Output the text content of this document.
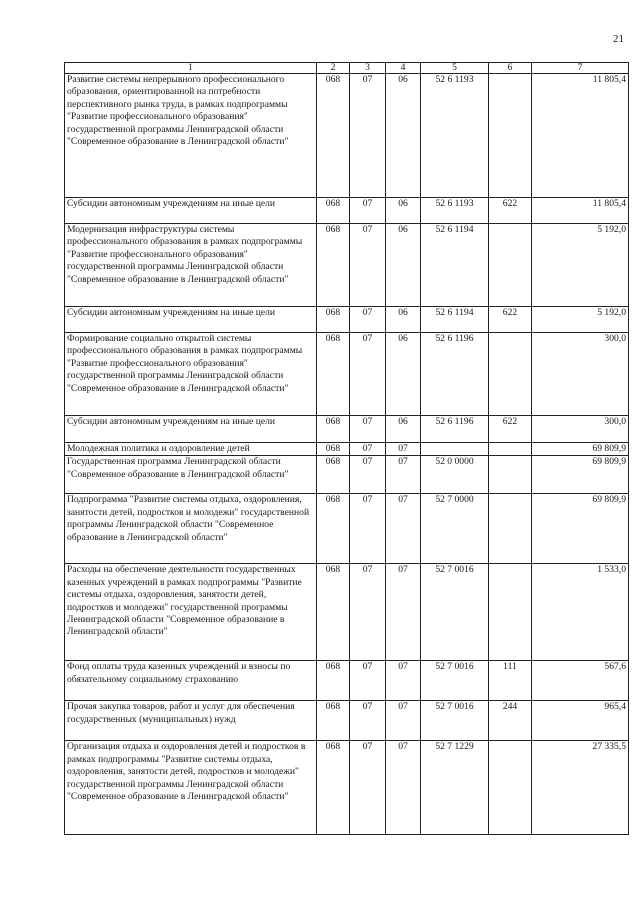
21
1	2	3	4	5	6	7
Развитие системы непрерывного профессионального образования, ориентированной на потребности перспективного рынка труда, в рамках подпрограммы "Развитие профессионального образования" государственной программы Ленинградской области "Современное образование в Ленинградской области"	068	07	06	52 6 1193		11 805,4
Субсидии автономным учреждениям на иные цели	068	07	06	52 6 1193	622	11 805,4
Модернизация инфраструктуры системы профессионального образования в рамках подпрограммы "Развитие профессионального образования" государственной программы Ленинградской области "Современное образование в Ленинградской области"	068	07	06	52 6 1194		5 192,0
Субсидии автономным учреждениям на иные цели	068	07	06	52 6 1194	622	5 192,0
Формирование социально открытой системы профессионального образования в рамках подпрограммы "Развитие профессионального образования" государственной программы Ленинградской области "Современное образование в Ленинградской области"	068	07	06	52 6 1196		300,0
Субсидии автономным учреждениям на иные цели	068	07	06	52 6 1196	622	300,0
Молодежная политика и оздоровление детей	068	07	07			69 809,9
Государственная программа Ленинградской области "Современное образование в Ленинградской области"	068	07	07	52 0 0000		69 809,9
Подпрограмма "Развитие системы отдыха, оздоровления, занятости детей, подростков и молодежи" государственной программы Ленинградской области "Современное образование в Ленинградской области"	068	07	07	52 7 0000		69 809,9
Расходы на обеспечение деятельности государственных казенных учреждений в рамках подпрограммы "Развитие системы отдыха, оздоровления, занятости детей, подростков и молодежи" государственной программы Ленинградской области "Современное образование в Ленинградской области"	068	07	07	52 7 0016		1 533,0
Фонд оплаты труда казенных учреждений и взносы по обязательному социальному страхованию	068	07	07	52 7 0016	111	567,6
Прочая закупка товаров, работ и услуг для обеспечения государственных (муниципальных) нужд	068	07	07	52 7 0016	244	965,4
Организация отдыха и оздоровления детей и подростков в рамках подпрограммы "Развитие системы отдыха, оздоровления, занятости детей, подростков и молодежи" государственной программы Ленинградской области "Современное образование в Ленинградской области"	068	07	07	52 7 1229		27 335,5
